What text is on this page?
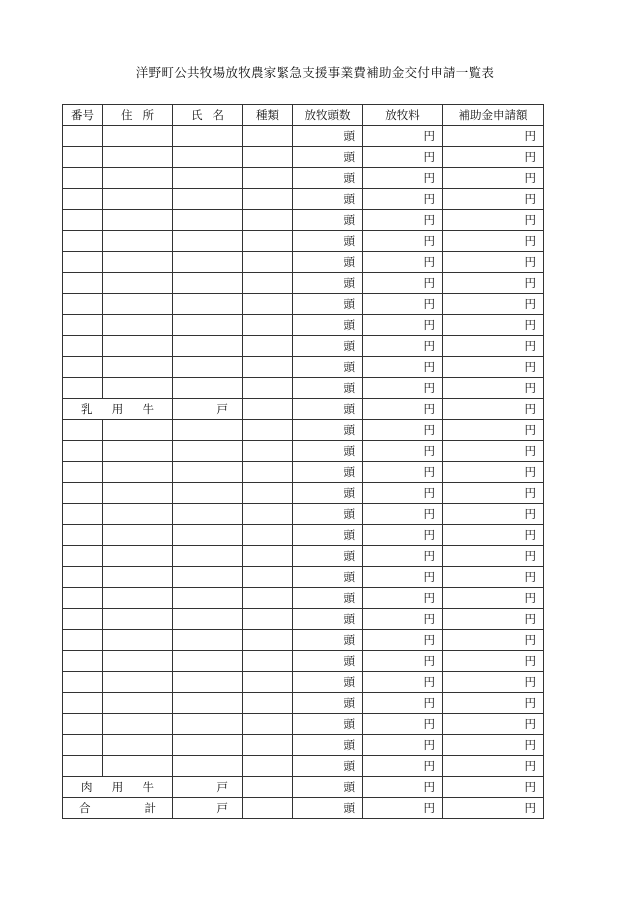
洋野町公共牧場放牧農家緊急支援事業費補助金交付申請一覧表
番号	住 所	氏 名	種類	放牧頭数	放牧料	補助金申請額
				頭	円	円
				頭	円	円
				頭	円	円
				頭	円	円
				頭	円	円
				頭	円	円
				頭	円	円
				頭	円	円
				頭	円	円
				頭	円	円
				頭	円	円
				頭	円	円
				頭	円	円

乳 用 牛		戸		頭	円	円
				頭	円	円
				頭	円	円
				頭	円	円
				頭	円	円
				頭	円	円
				頭	円	円
				頭	円	円
				頭	円	円
				頭	円	円
				頭	円	円
				頭	円	円
				頭	円	円
				頭	円	円
				頭	円	円
				頭	円	円
				頭	円	円
				頭	円	円

肉 用 牛		戸		頭	円	円

合 計		戸		頭	円	円
